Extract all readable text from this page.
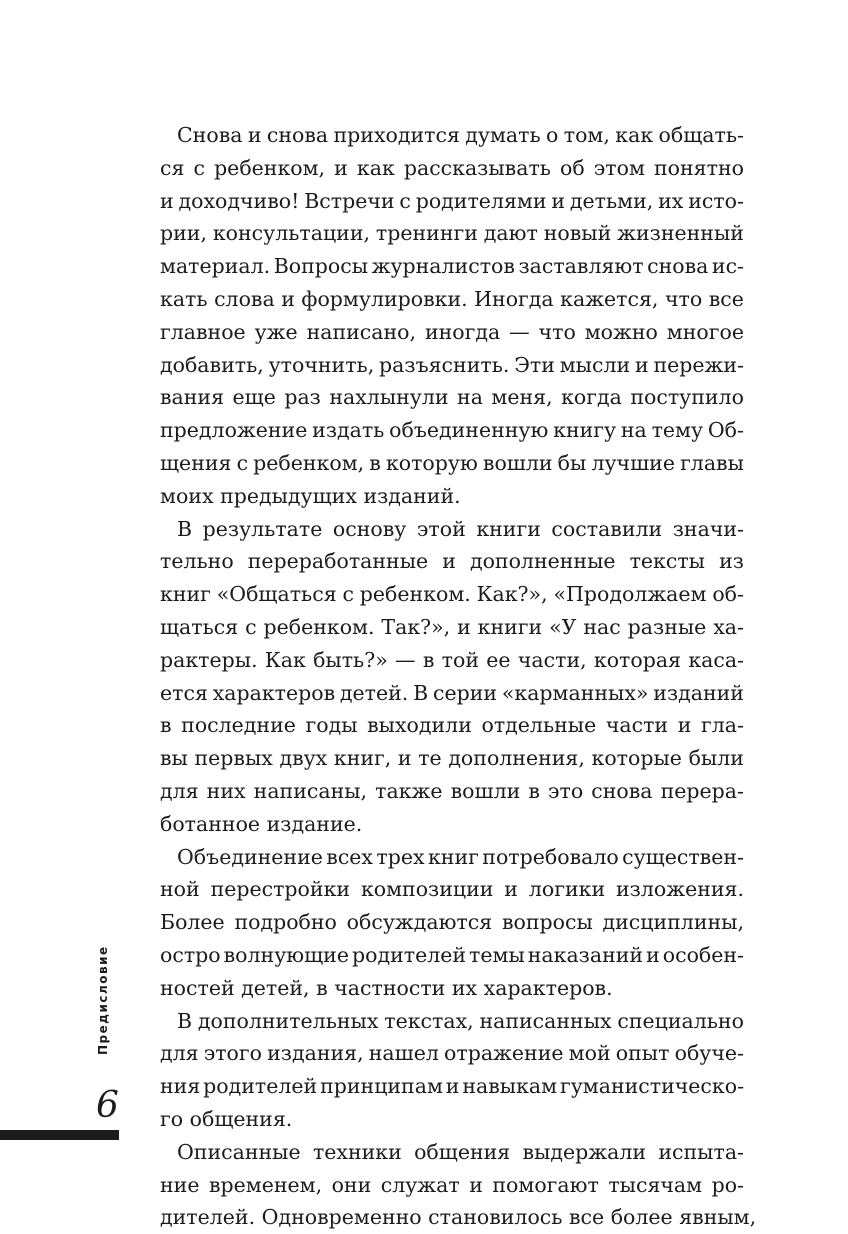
Снова и снова приходится думать о том, как общать-
ся с ребенком, и как рассказывать об этом понятно
и доходчиво! Встречи с родителями и детьми, их исто-
рии, консультации, тренинги дают новый жизненный
материал. Вопросы журналистов заставляют снова ис-
кать слова и формулировки. Иногда кажется, что все
главное уже написано, иногда — что можно многое
добавить, уточнить, разъяснить. Эти мысли и пережи-
вания еще раз нахлынули на меня, когда поступило
предложение издать объединенную книгу на тему Об-
щения с ребенком, в которую вошли бы лучшие главы
моих предыдущих изданий.
В результате основу этой книги составили значи-
тельно переработанные и дополненные тексты из
книг «Общаться с ребенком. Как?», «Продолжаем об-
щаться с ребенком. Так?», и книги «У нас разные ха-
рактеры. Как быть?» — в той ее части, которая каса-
ется характеров детей. В серии «карманных» изданий
в последние годы выходили отдельные части и гла-
вы первых двух книг, и те дополнения, которые были
для них написаны, также вошли в это снова перера-
ботанное издание.
Объединение всех трех книг потребовало существен-
ной перестройки композиции и логики изложения.
Более подробно обсуждаются вопросы дисциплины,
остро волнующие родителей темы наказаний и особен-
ностей детей, в частности их характеров.
В дополнительных текстах, написанных специально
для этого издания, нашел отражение мой опыт обуче-
ния родителей принципам и навыкам гуманистическо-
го общения.
Описанные техники общения выдержали испыта-
ние временем, они служат и помогают тысячам ро-
дителей. Одновременно становилось все более явным,
Предисловие
6
